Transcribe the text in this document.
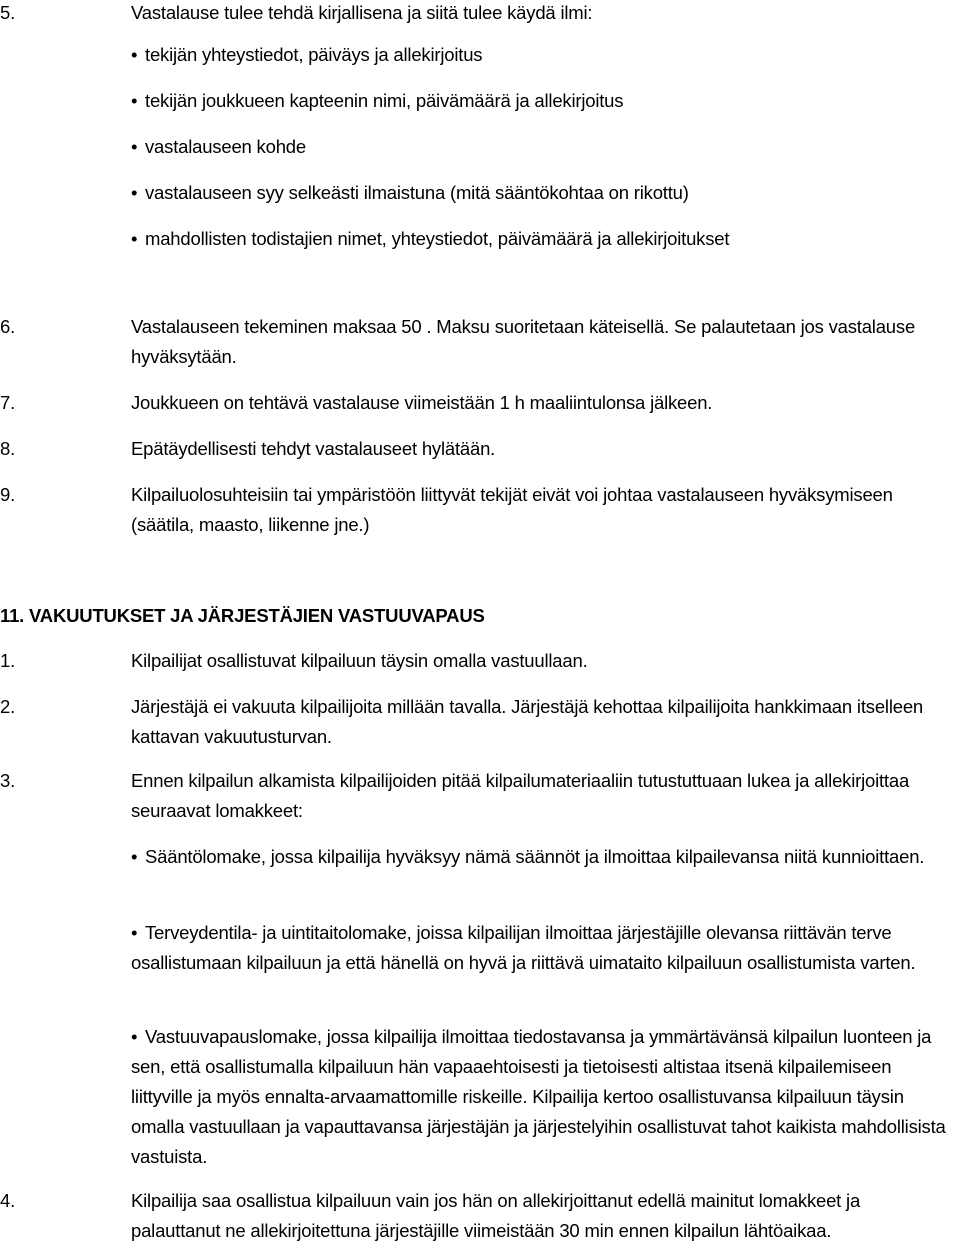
5.	Vastalause tulee tehdä kirjallisena ja siitä tulee käydä ilmi:
• tekijän yhteystiedot, päiväys ja allekirjoitus
• tekijän joukkueen kapteenin nimi, päivämäärä ja allekirjoitus
• vastalauseen kohde
• vastalauseen syy selkeästi ilmaistuna (mitä sääntökohtaa on rikottu)
• mahdollisten todistajien nimet, yhteystiedot, päivämäärä ja allekirjoitukset
6.	Vastalauseen tekeminen maksaa 50 . Maksu suoritetaan käteisellä. Se palautetaan jos vastalause hyväksytään.
7.	Joukkueen on tehtävä vastalause viimeistään 1 h maaliintulonsa jälkeen.
8.	Epätäydellisesti tehdyt vastalauseet hylätään.
9.	Kilpailuolosuhteisiin tai ympäristöön liittyvät tekijät eivät voi johtaa vastalauseen hyväksymiseen (säätila, maasto, liikenne jne.)
11. VAKUUTUKSET JA JÄRJESTÄJIEN VASTUUVAPAUS
1.	Kilpailijat osallistuvat kilpailuun täysin omalla vastuullaan.
2.	Järjestäjä ei vakuuta kilpailijoita millään tavalla. Järjestäjä kehottaa kilpailijoita hankkimaan itselleen kattavan vakuutusturvan.
3.	Ennen kilpailun alkamista kilpailijoiden pitää kilpailumateriaaliin tutustuttuaan lukea ja allekirjoittaa seuraavat lomakkeet:
• Sääntölomake, jossa kilpailija hyväksyy nämä säännöt ja ilmoittaa kilpailevansa niitä kunnioittaen.
• Terveydentila- ja uintitaitolomake, joissa kilpailijan ilmoittaa järjestäjille olevansa riittävän terve osallistumaan kilpailuun ja että hänellä on hyvä ja riittävä uimataito kilpailuun osallistumista varten.
• Vastuuvapauslomake, jossa kilpailija ilmoittaa tiedostavansa ja ymmärtävänsä kilpailun luonteen ja sen, että osallistumalla kilpailuun hän vapaaehtoisesti ja tietoisesti altistaa itsenä kilpailemiseen liittyville ja myös ennalta-arvaamattomille riskeille. Kilpailija kertoo osallistuvansa kilpailuun täysin omalla vastuullaan ja vapauttavansa järjestäjän ja järjestelyihin osallistuvat tahot kaikista mahdollisista vastuista.
4.	Kilpailija saa osallistua kilpailuun vain jos hän on allekirjoittanut edellä mainitut lomakkeet ja palauttanut ne allekirjoitettuna järjestäjille viimeistään 30 min ennen kilpailun lähtöaikaa.
